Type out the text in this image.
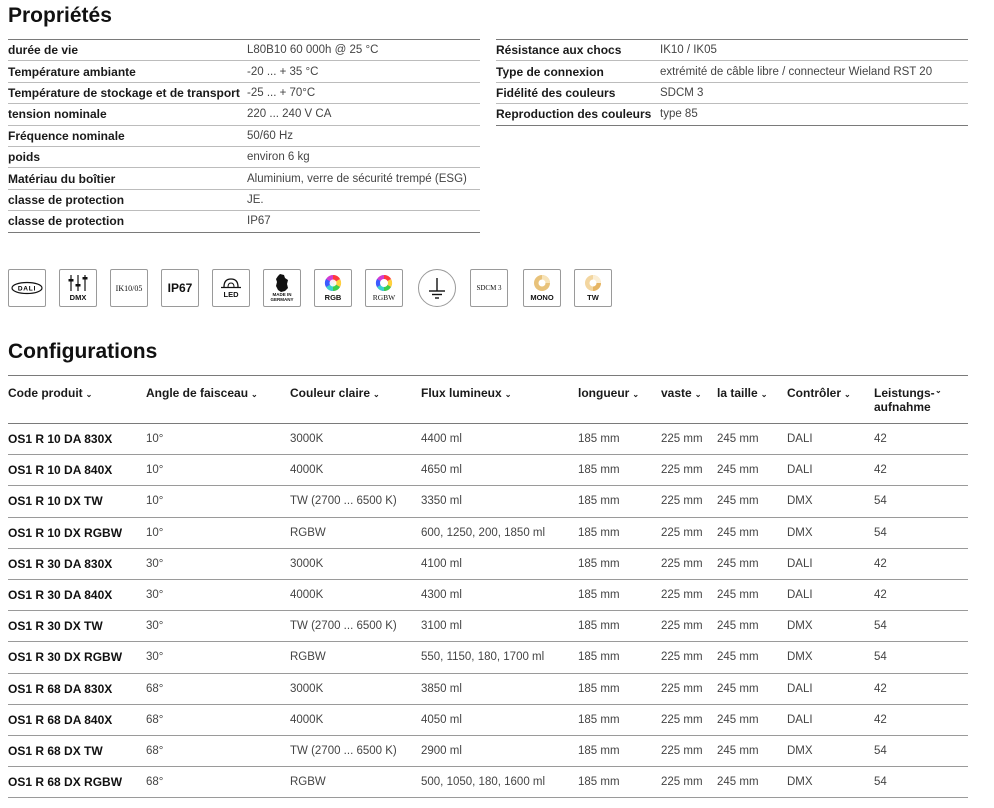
Propriétés
durée de vie	L80B10 60 000h @ 25 °C
Température ambiante	-20 ... + 35 °C
Température de stockage et de transport	-25 ... + 70°C
tension nominale	220 ... 240 V CA
Fréquence nominale	50/60 Hz
poids	environ 6 kg
Matériau du boîtier	Aluminium, verre de sécurité trempé (ESG)
classe de protection	JE.
classe de protection	IP67
Résistance aux chocs	IK10 / IK05
Type de connexion	extrémité de câble libre / connecteur Wieland RST 20
Fidélité des couleurs	SDCM 3
Reproduction des couleurs	type 85
DALI
DMX
IK10/05 IP67	LED	MADE IN GERMANY	RGB	RGBW
SDCM 3
MONO	TW
Configurations
Code produit ⌄	Angle de faisceau ⌄	Couleur claire ⌄	Flux lumineux ⌄	longueur ⌄	vaste ⌄	la taille ⌄	Contrôler ⌄	Leistungs- aufnahme⌄
OS1 R 10 DA 830X	10°	3000K	4400 ml	185 mm	225 mm	245 mm	DALI	42
OS1 R 10 DA 840X	10°	4000K	4650 ml	185 mm	225 mm	245 mm	DALI	42
OS1 R 10 DX TW	10°	TW (2700 ... 6500 K)	3350 ml	185 mm	225 mm	245 mm	DMX	54
OS1 R 10 DX RGBW	10°	RGBW	600, 1250, 200, 1850 ml	185 mm	225 mm	245 mm	DMX	54
OS1 R 30 DA 830X	30°	3000K	4100 ml	185 mm	225 mm	245 mm	DALI	42
OS1 R 30 DA 840X	30°	4000K	4300 ml	185 mm	225 mm	245 mm	DALI	42
OS1 R 30 DX TW	30°	TW (2700 ... 6500 K)	3100 ml	185 mm	225 mm	245 mm	DMX	54
OS1 R 30 DX RGBW	30°	RGBW	550, 1150, 180, 1700 ml	185 mm	225 mm	245 mm	DMX	54
OS1 R 68 DA 830X	68°	3000K	3850 ml	185 mm	225 mm	245 mm	DALI	42
OS1 R 68 DA 840X	68°	4000K	4050 ml	185 mm	225 mm	245 mm	DALI	42
OS1 R 68 DX TW	68°	TW (2700 ... 6500 K)	2900 ml	185 mm	225 mm	245 mm	DMX	54
OS1 R 68 DX RGBW	68°	RGBW	500, 1050, 180, 1600 ml	185 mm	225 mm	245 mm	DMX	54
